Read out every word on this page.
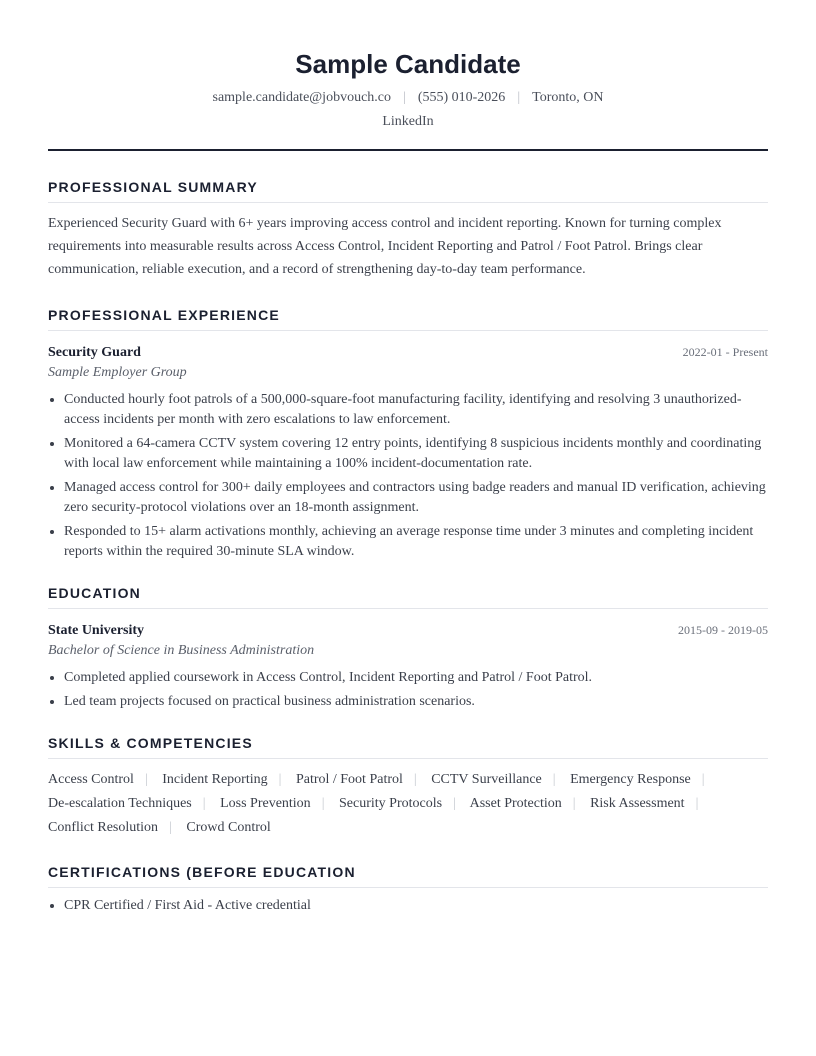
Sample Candidate
sample.candidate@jobvouch.co | (555) 010-2026 | Toronto, ON
LinkedIn
PROFESSIONAL SUMMARY
Experienced Security Guard with 6+ years improving access control and incident reporting. Known for turning complex requirements into measurable results across Access Control, Incident Reporting and Patrol / Foot Patrol. Brings clear communication, reliable execution, and a record of strengthening day-to-day team performance.
PROFESSIONAL EXPERIENCE
Security Guard	2022-01 - Present
Sample Employer Group
Conducted hourly foot patrols of a 500,000-square-foot manufacturing facility, identifying and resolving 3 unauthorized-access incidents per month with zero escalations to law enforcement.
Monitored a 64-camera CCTV system covering 12 entry points, identifying 8 suspicious incidents monthly and coordinating with local law enforcement while maintaining a 100% incident-documentation rate.
Managed access control for 300+ daily employees and contractors using badge readers and manual ID verification, achieving zero security-protocol violations over an 18-month assignment.
Responded to 15+ alarm activations monthly, achieving an average response time under 3 minutes and completing incident reports within the required 30-minute SLA window.
EDUCATION
State University	2015-09 - 2019-05
Bachelor of Science in Business Administration
Completed applied coursework in Access Control, Incident Reporting and Patrol / Foot Patrol.
Led team projects focused on practical business administration scenarios.
SKILLS & COMPETENCIES
Access Control | Incident Reporting | Patrol / Foot Patrol | CCTV Surveillance | Emergency Response |
De-escalation Techniques | Loss Prevention | Security Protocols | Asset Protection | Risk Assessment |
Conflict Resolution | Crowd Control
CERTIFICATIONS (BEFORE EDUCATION
CPR Certified / First Aid - Active credential
